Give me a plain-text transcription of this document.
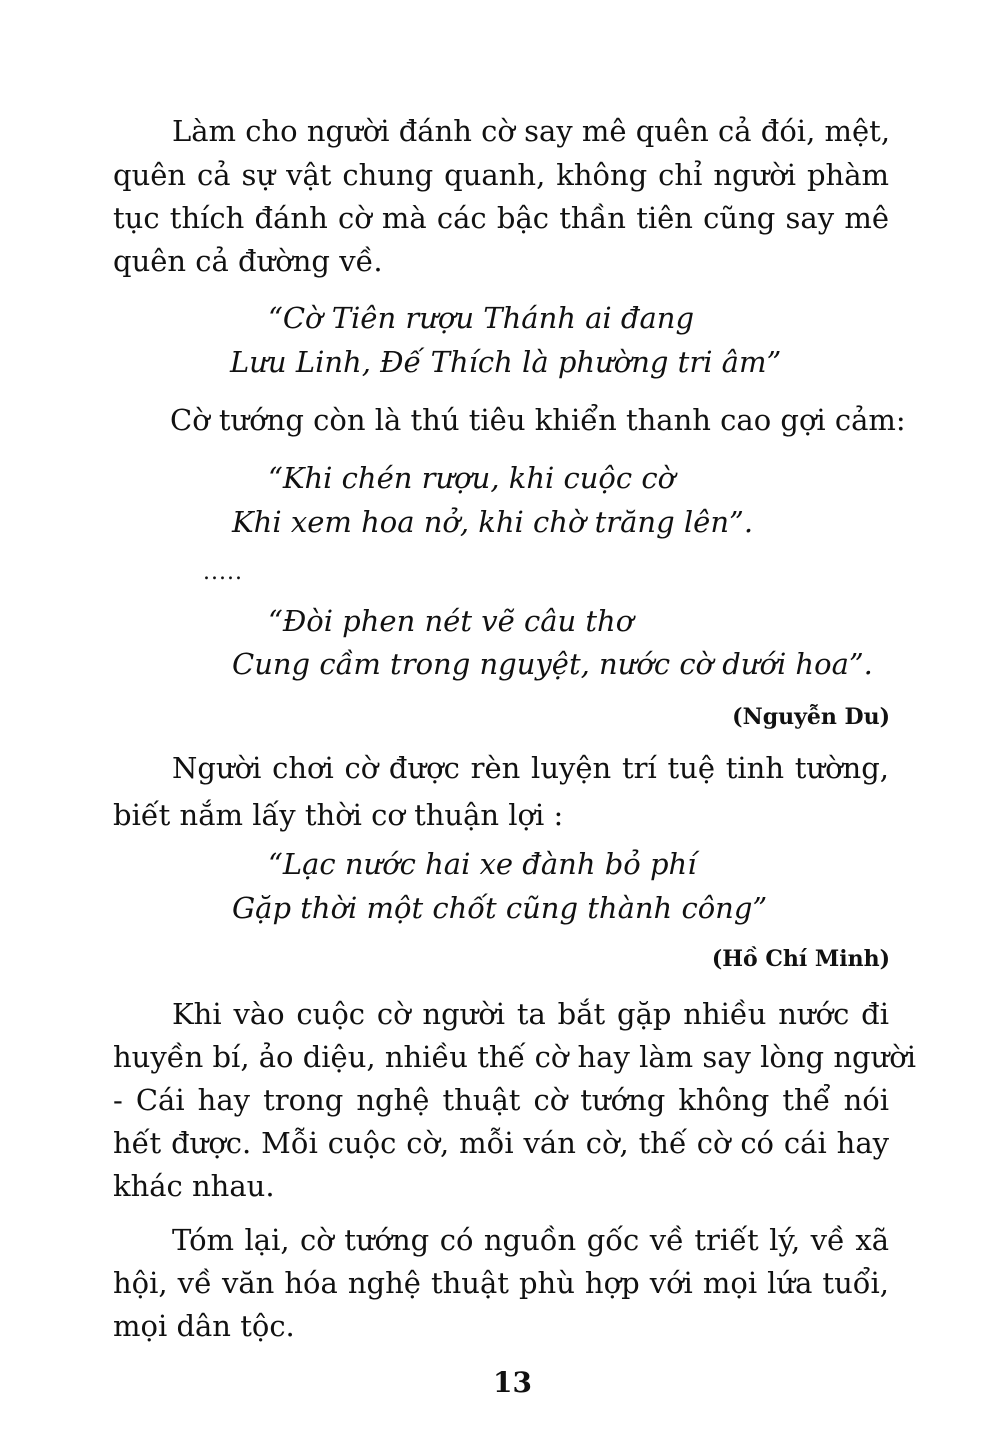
Làm cho người đánh cờ say mê quên cả đói, mệt,
quên cả sự vật chung quanh, không chỉ người phàm
tục thích đánh cờ mà các bậc thần tiên cũng say mê
quên cả đường về.
“Cờ Tiên rượu Thánh ai đang
Lưu Linh, Đế Thích là phường tri âm”
Cờ tướng còn là thú tiêu khiển thanh cao gợi cảm:
“Khi chén rượu, khi cuộc cờ
Khi xem hoa nở, khi chờ trăng lên”.
.....
“Đòi phen nét vẽ câu thơ
Cung cầm trong nguyệt, nước cờ dưới hoa”.
(Nguyễn Du)
Người chơi cờ được rèn luyện trí tuệ tinh tường,
biết nắm lấy thời cơ thuận lợi :
“Lạc nước hai xe đành bỏ phí
Gặp thời một chốt cũng thành công”
(Hồ Chí Minh)
Khi vào cuộc cờ người ta bắt gặp nhiều nước đi
huyền bí, ảo diệu, nhiều thế cờ hay làm say lòng người
- Cái hay trong nghệ thuật cờ tướng không thể nói
hết được. Mỗi cuộc cờ, mỗi ván cờ, thế cờ có cái hay
khác nhau.
Tóm lại, cờ tướng có nguồn gốc về triết lý, về xã
hội, về văn hóa nghệ thuật phù hợp với mọi lứa tuổi,
mọi dân tộc.
13
